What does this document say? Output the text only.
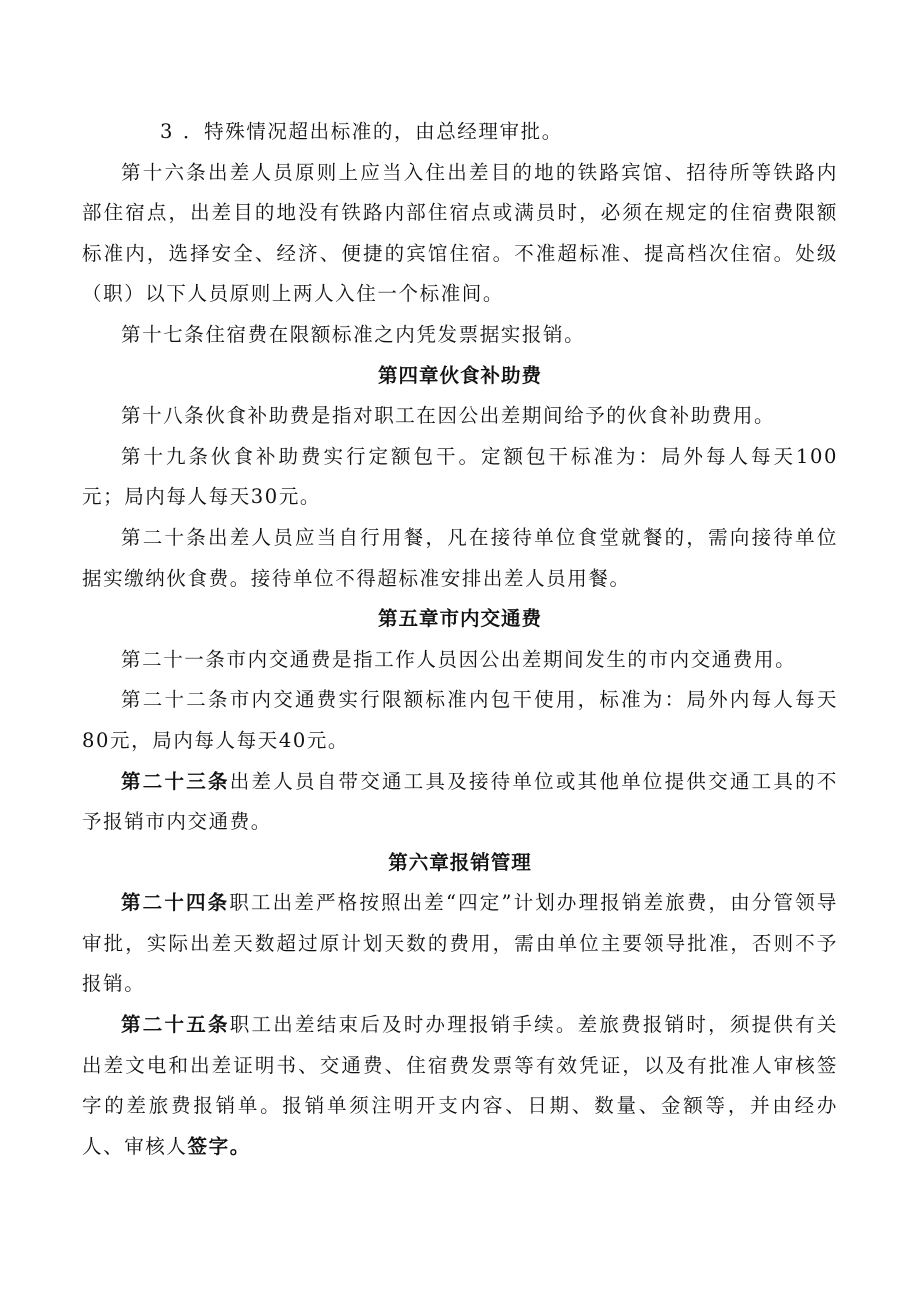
3 ．特殊情况超出标准的，由总经理审批。

第十六条出差人员原则上应当入住出差目的地的铁路宾馆、招待所等铁路内部住宿点，出差目的地没有铁路内部住宿点或满员时，必须在规定的住宿费限额标准内，选择安全、经济、便捷的宾馆住宿。不准超标准、提高档次住宿。处级（职）以下人员原则上两人入住一个标准间。

第十七条住宿费在限额标准之内凭发票据实报销。

第四章伙食补助费

第十八条伙食补助费是指对职工在因公出差期间给予的伙食补助费用。

第十九条伙食补助费实行定额包干。定额包干标准为：局外每人每天100元；局内每人每天30元。

第二十条出差人员应当自行用餐，凡在接待单位食堂就餐的，需向接待单位据实缴纳伙食费。接待单位不得超标准安排出差人员用餐。

第五章市内交通费

第二十一条市内交通费是指工作人员因公出差期间发生的市内交通费用。

第二十二条市内交通费实行限额标准内包干使用，标准为：局外内每人每天80元，局内每人每天40元。

第二十三条出差人员自带交通工具及接待单位或其他单位提供交通工具的不予报销市内交通费。

第六章报销管理

第二十四条职工出差严格按照出差“四定”计划办理报销差旅费，由分管领导审批，实际出差天数超过原计划天数的费用，需由单位主要领导批准，否则不予报销。

第二十五条职工出差结束后及时办理报销手续。差旅费报销时，须提供有关出差文电和出差证明书、交通费、住宿费发票等有效凭证，以及有批准人审核签字的差旅费报销单。报销单须注明开支内容、日期、数量、金额等，并由经办人、审核人签字。
